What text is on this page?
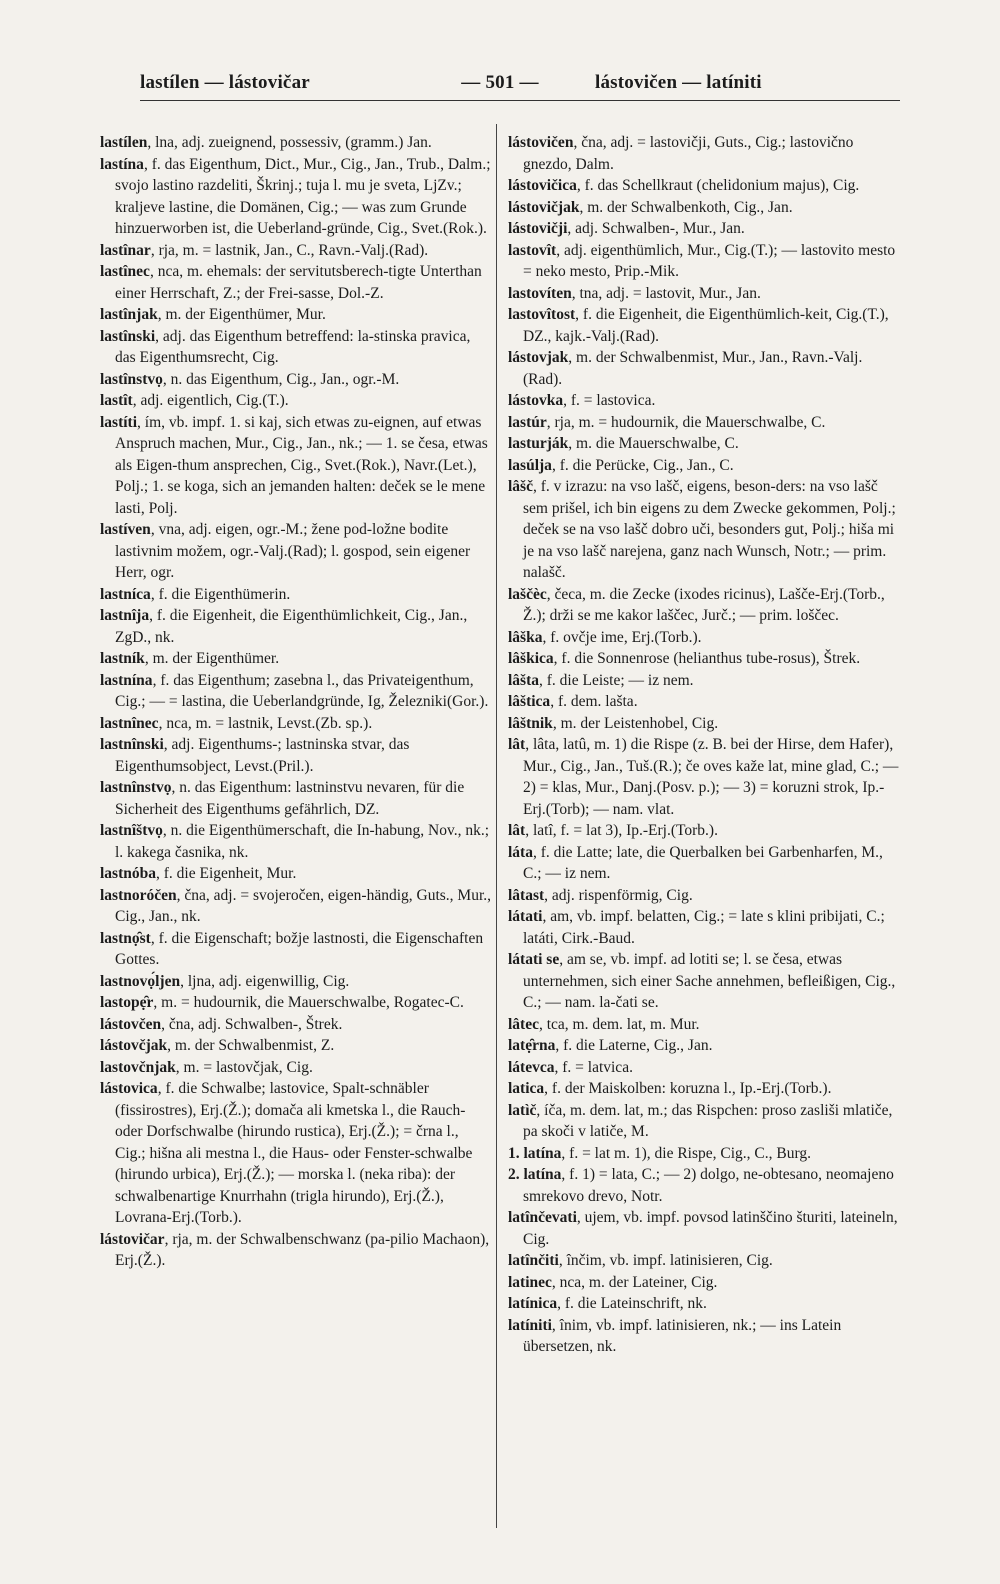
lastílen — lástovičar	— 501 —	lástovičen — latíniti

lastílen, lna, adj. zueignend, possessiv, (gramm.) Jan.

lastína, f. das Eigenthum, Dict., Mur., Cig., Jan., Trub., Dalm.; svojo lastino razdeliti, Škrinj.; tuja l. mu je sveta, LjZv.; kraljeve lastine, die Domänen, Cig.; — was zum Grunde hinzuerworben ist, die Ueberland-gründe, Cig., Svet.(Rok.).

lastînar, rja, m. = lastnik, Jan., C., Ravn.-Valj.(Rad).

lastînec, nca, m. ehemals: der servitutsberech-tigte Unterthan einer Herrschaft, Z.; der Frei-sasse, Dol.-Z.

lastînjak, m. der Eigenthümer, Mur.

lastînski, adj. das Eigenthum betreffend: la-stinska pravica, das Eigenthumsrecht, Cig.

lastînstvọ, n. das Eigenthum, Cig., Jan., ogr.-M.

lastît, adj. eigentlich, Cig.(T.).

lastíti, ím, vb. impf. 1. si kaj, sich etwas zu-eignen, auf etwas Anspruch machen, Mur., Cig., Jan., nk.; — 1. se česa, etwas als Eigen-thum ansprechen, Cig., Svet.(Rok.), Navr.(Let.), Polj.; 1. se koga, sich an jemanden halten: deček se le mene lasti, Polj.

lastíven, vna, adj. eigen, ogr.-M.; žene pod-ložne bodite lastivnim možem, ogr.-Valj.(Rad); l. gospod, sein eigener Herr, ogr.

lastníca, f. die Eigenthümerin.

lastnîja, f. die Eigenheit, die Eigenthümlichkeit, Cig., Jan., ZgD., nk.

lastník, m. der Eigenthümer.

lastnína, f. das Eigenthum; zasebna l., das Privateigenthum, Cig.; — = lastina, die Ueberlandgründe, Ig, Železniki(Gor.).

lastnînec, nca, m. = lastnik, Levst.(Zb. sp.).

lastnînski, adj. Eigenthums-; lastninska stvar, das Eigenthumsobject, Levst.(Pril.).

lastnînstvọ, n. das Eigenthum: lastninstvu nevaren, für die Sicherheit des Eigenthums gefährlich, DZ.

lastnîštvọ, n. die Eigenthümerschaft, die In-habung, Nov., nk.; l. kakega časnika, nk.

lastnóba, f. die Eigenheit, Mur.

lastnoróčen, čna, adj. = svojeročen, eigen-händig, Guts., Mur., Cig., Jan., nk.

lastnọ̑st, f. die Eigenschaft; božje lastnosti, die Eigenschaften Gottes.

lastnovọ́ljen, ljna, adj. eigenwillig, Cig.

lastopẹ̑r, m. = hudournik, die Mauerschwalbe, Rogatec-C.

lástovčen, čna, adj. Schwalben-, Štrek.

lástovčjak, m. der Schwalbenmist, Z.

lastovčnjak, m. = lastovčjak, Cig.

lástovica, f. die Schwalbe; lastovice, Spalt-schnäbler (fissirostres), Erj.(Ž.); domača ali kmetska l., die Rauch- oder Dorfschwalbe (hirundo rustica), Erj.(Ž.); = črna l., Cig.; hišna ali mestna l., die Haus- oder Fenster-schwalbe (hirundo urbica), Erj.(Ž.); — morska l. (neka riba): der schwalbenartige Knurrhahn (trigla hirundo), Erj.(Ž.), Lovrana-Erj.(Torb.).

lástovičar, rja, m. der Schwalbenschwanz (pa-pilio Machaon), Erj.(Ž.).

lástovičen, čna, adj. = lastovičji, Guts., Cig.; lastovično gnezdo, Dalm.

lástovičica, f. das Schellkraut (chelidonium majus), Cig.

lástovičjak, m. der Schwalbenkoth, Cig., Jan.

lástovičji, adj. Schwalben-, Mur., Jan.

lastovît, adj. eigenthümlich, Mur., Cig.(T.); — lastovito mesto = neko mesto, Prip.-Mik.

lastovíten, tna, adj. = lastovit, Mur., Jan.

lastovîtost, f. die Eigenheit, die Eigenthümlich-keit, Cig.(T.), DZ., kajk.-Valj.(Rad).

lástovjak, m. der Schwalbenmist, Mur., Jan., Ravn.-Valj.(Rad).

lástovka, f. = lastovica.

lastúr, rja, m. = hudournik, die Mauerschwalbe, C.

lasturják, m. die Mauerschwalbe, C.

lasúlja, f. die Perücke, Cig., Jan., C.

lâšč, f. v izrazu: na vso lašč, eigens, beson-ders: na vso lašč sem prišel, ich bin eigens zu dem Zwecke gekommen, Polj.; deček se na vso lašč dobro uči, besonders gut, Polj.; hiša mi je na vso lašč narejena, ganz nach Wunsch, Notr.; — prim. nalašč.

laščèc, čeca, m. die Zecke (ixodes ricinus), Lašče-Erj.(Torb., Ž.); drži se me kakor laščec, Jurč.; — prim. loščec.

lâška, f. ovčje ime, Erj.(Torb.).

lâškica, f. die Sonnenrose (helianthus tube-rosus), Štrek.

lâšta, f. die Leiste; — iz nem.

lâštica, f. dem. lašta.

lâštnik, m. der Leistenhobel, Cig.

lât, lâta, latû, m. 1) die Rispe (z. B. bei der Hirse, dem Hafer), Mur., Cig., Jan., Tuš.(R.); če oves kaže lat, mine glad, C.; — 2) = klas, Mur., Danj.(Posv. p.); — 3) = koruzni strok, Ip.-Erj.(Torb); — nam. vlat.

lât, latî, f. = lat 3), Ip.-Erj.(Torb.).

láta, f. die Latte; late, die Querbalken bei Garbenharfen, M., C.; — iz nem.

lâtast, adj. rispenförmig, Cig.

látati, am, vb. impf. belatten, Cig.; = late s klini pribijati, C.; latáti, Cirk.-Baud.

látati se, am se, vb. impf. ad lotiti se; l. se česa, etwas unternehmen, sich einer Sache annehmen, befleißigen, Cig., C.; — nam. la-čati se.

lâtec, tca, m. dem. lat, m. Mur.

latẹ̑rna, f. die Laterne, Cig., Jan.

látevca, f. = latvica.

latica, f. der Maiskolben: koruzna l., Ip.-Erj.(Torb.).

latìč, íča, m. dem. lat, m.; das Rispchen: proso zasliši mlatiče, pa skoči v latiče, M.

1. latína, f. = lat m. 1), die Rispe, Cig., C., Burg.

2. latína, f. 1) = lata, C.; — 2) dolgo, ne-obtesano, neomajeno smrekovo drevo, Notr.

latînčevati, ujem, vb. impf. povsod latinščino šturiti, lateineln, Cig.

latînčiti, înčim, vb. impf. latinisieren, Cig.

latinec, nca, m. der Lateiner, Cig.

latínica, f. die Lateinschrift, nk.

latíniti, înim, vb. impf. latinisieren, nk.; — ins Latein übersetzen, nk.
